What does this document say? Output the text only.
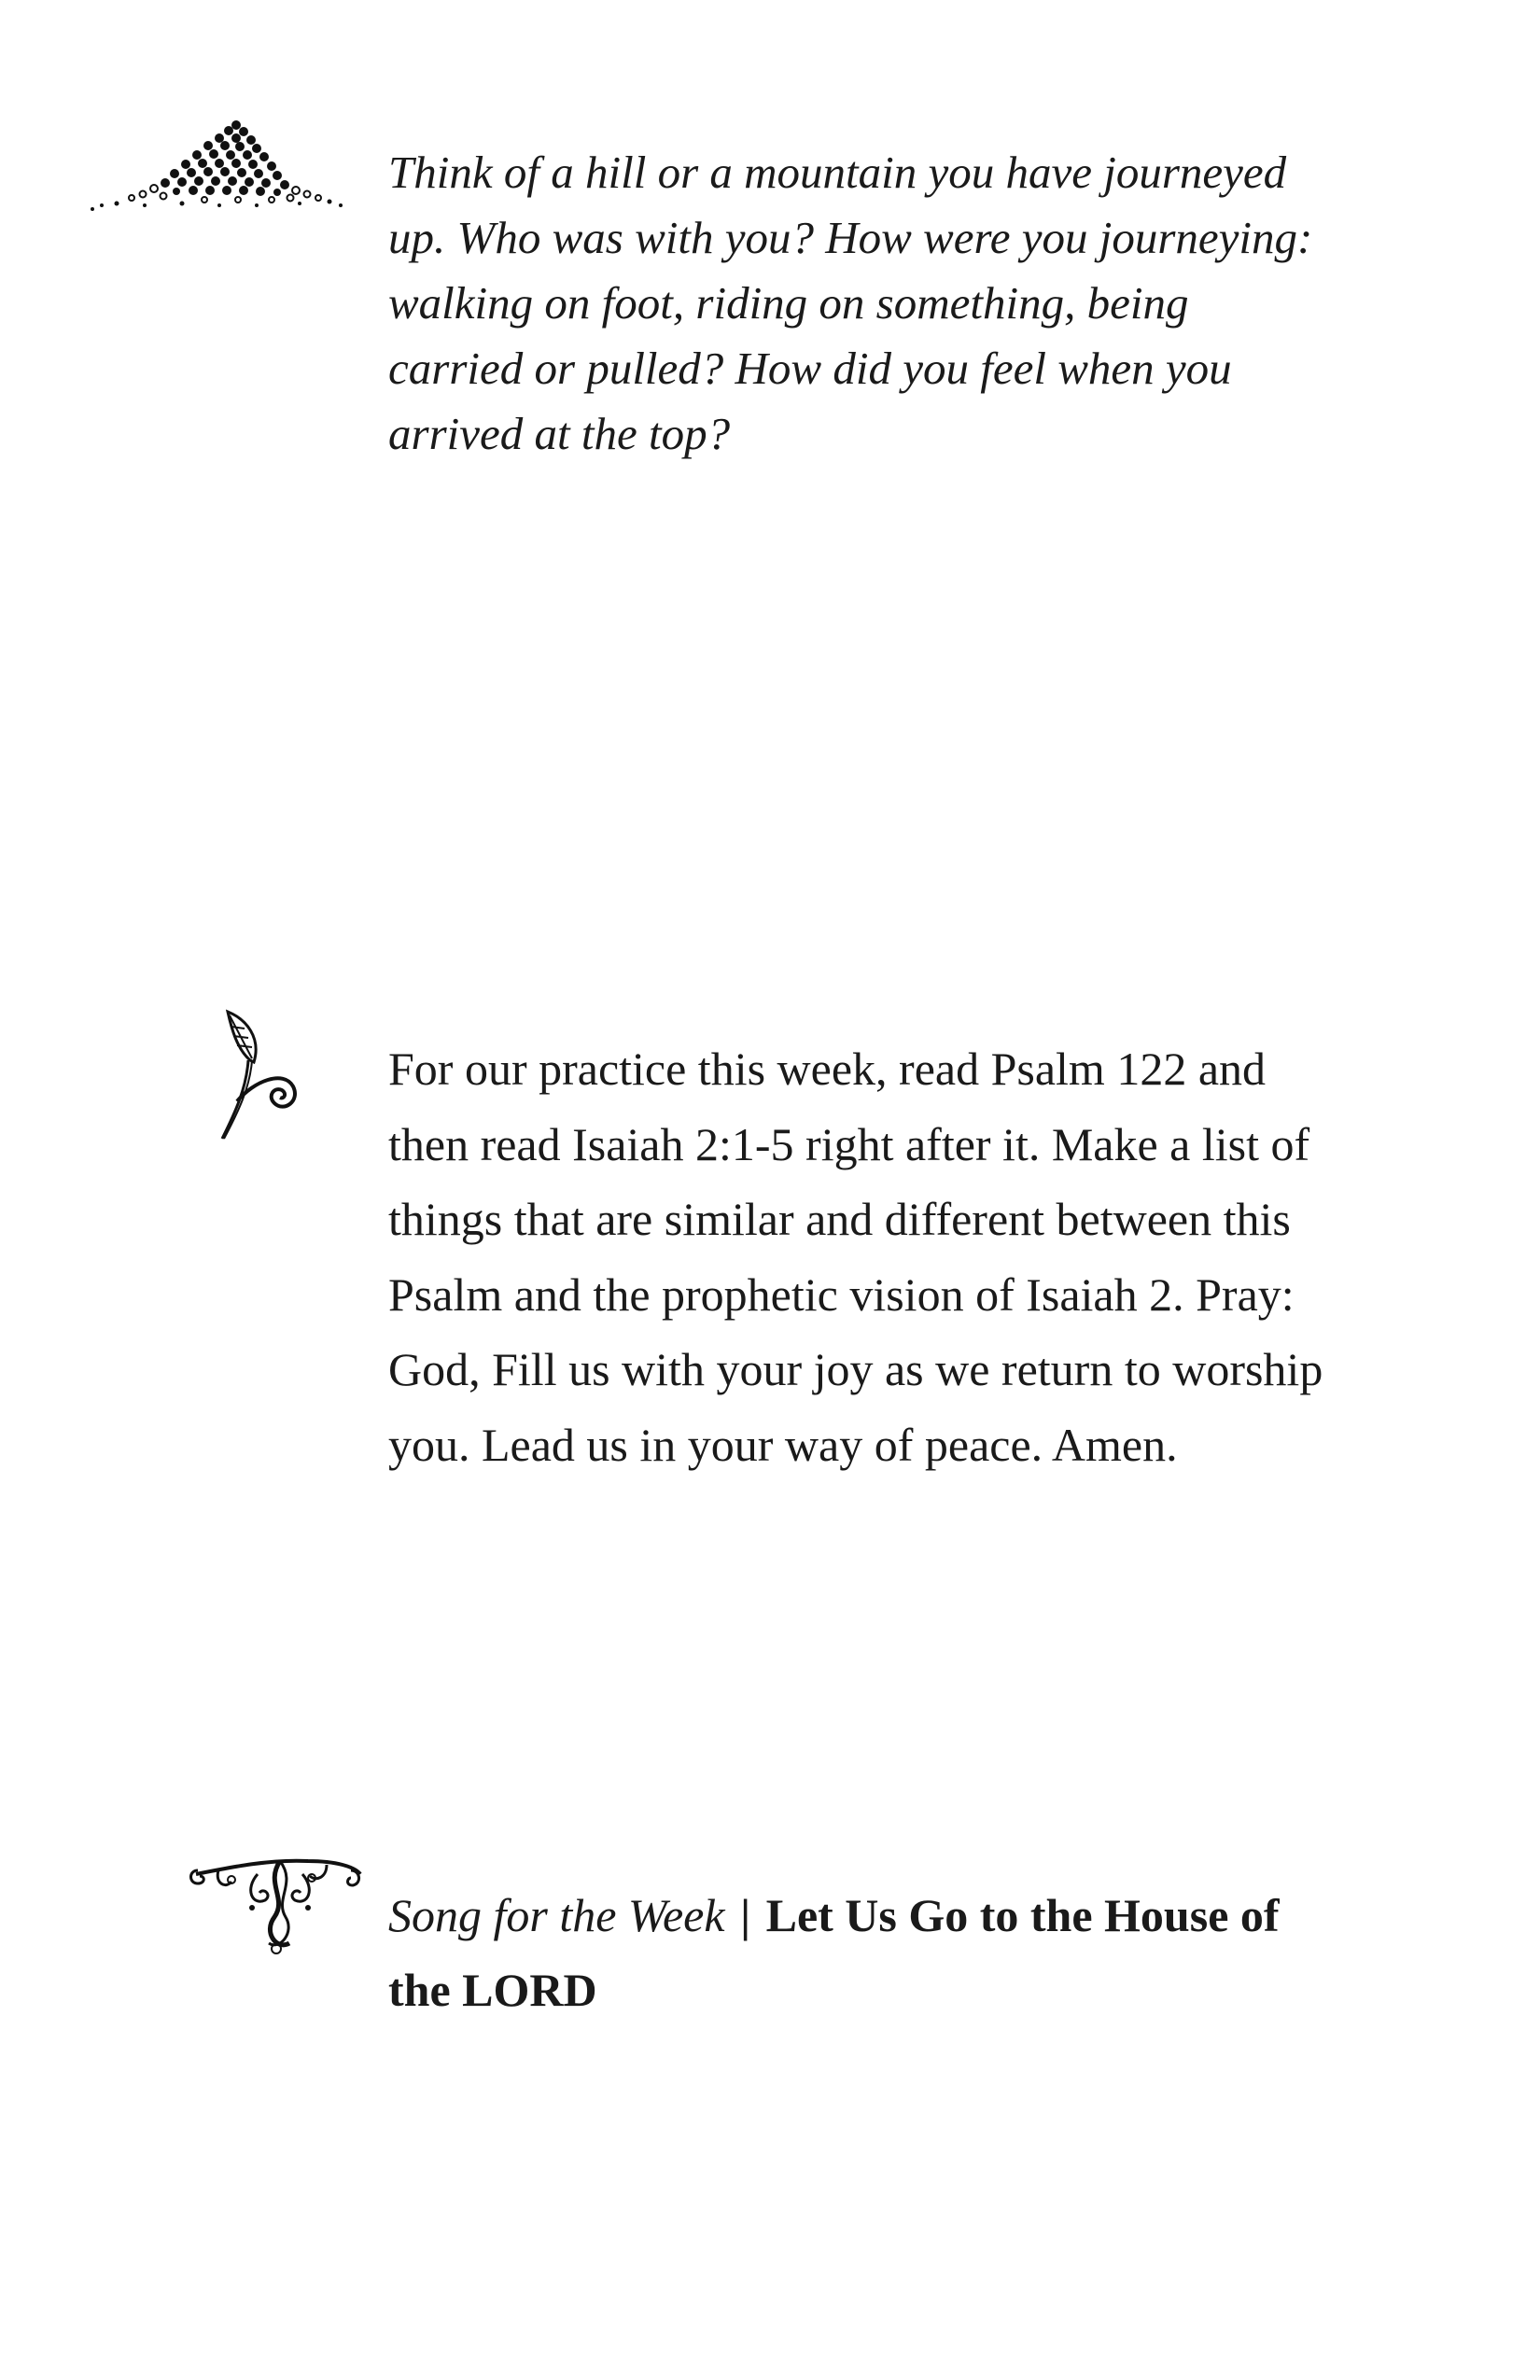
Think of a hill or a mountain you have journeyed up. Who was with you? How were you journeying: walking on foot, riding on something, being carried or pulled? How did you feel when you arrived at the top?

For our practice this week, read Psalm 122 and then read Isaiah 2:1-5 right after it. Make a list of things that are similar and different between this Psalm and the prophetic vision of Isaiah 2. Pray: God, Fill us with your joy as we return to worship you. Lead us in your way of peace. Amen.

Song for the Week | Let Us Go to the House of the LORD
